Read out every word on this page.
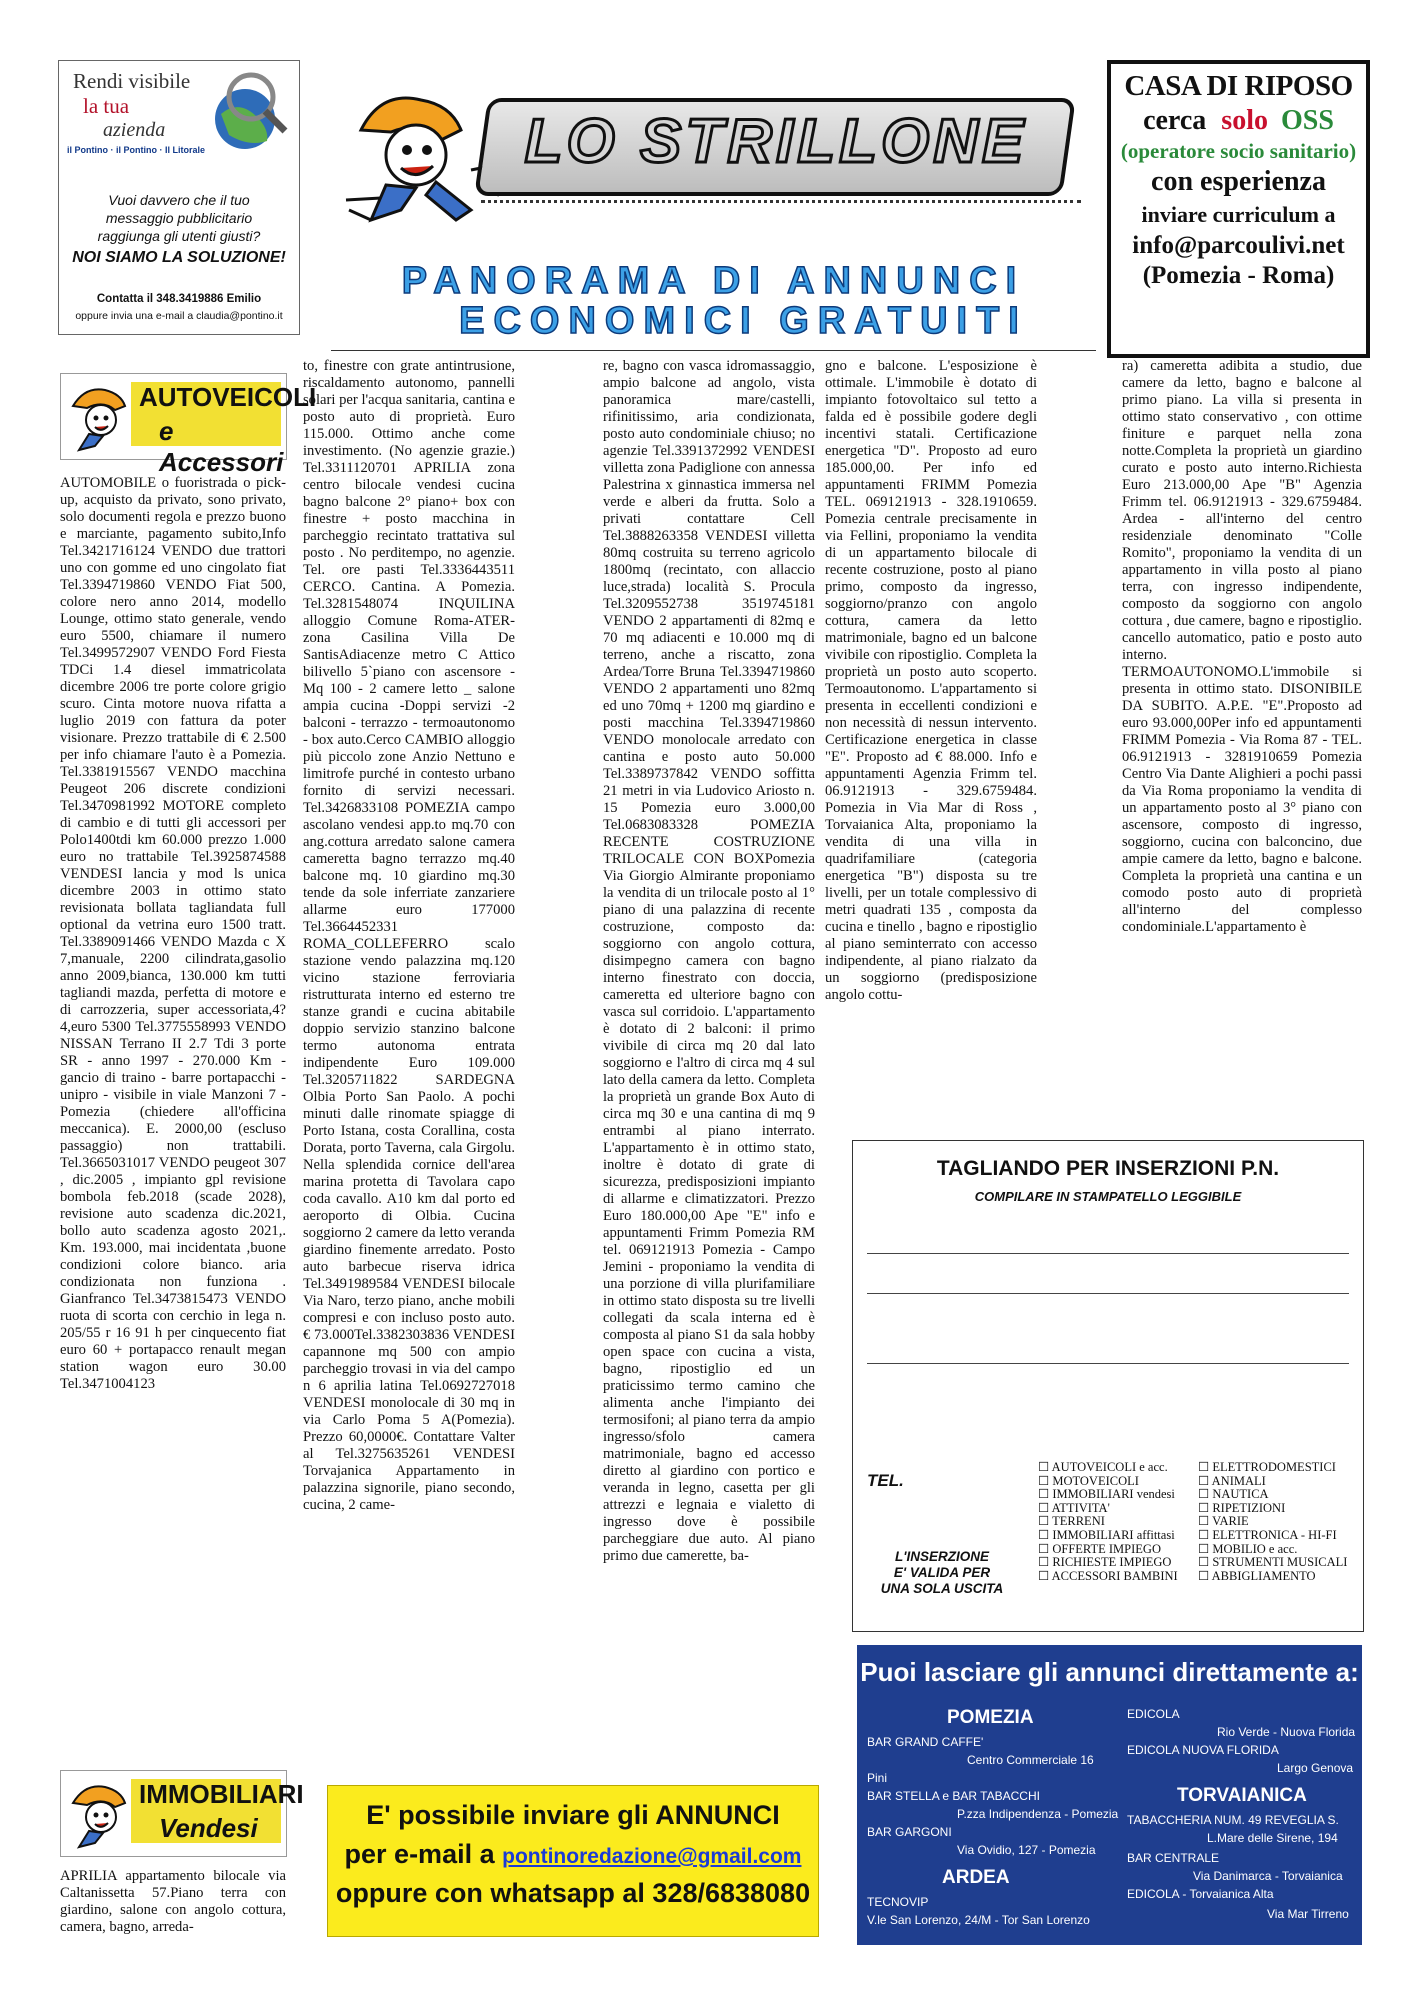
Rendi visibile
la tua
azienda
il Pontino · il Pontino · Il Litorale
Vuoi davvero che il tuo messaggio pubblicitario raggiunga gli utenti giusti?
NOI SIAMO LA SOLUZIONE!
Contatta il 348.3419886 Emilio
oppure invia una e-mail a claudia@pontino.it
LO STRILLONE
PANORAMA DI ANNUNCI
ECONOMICI GRATUITI
CASA DI RIPOSO
cerca solo OSS
(operatore socio sanitario)
con esperienza
inviare curriculum a
info@parcoulivi.net
(Pomezia - Roma)
AUTOVEICOLI
e Accessori

AUTOMOBILE o fuoristrada o pick-up, acquisto da privato, sono privato, solo documenti regola e prezzo buono e marciante, pagamento subito,Info Tel.3421716124 VENDO due trattori uno con gomme ed uno cingolato fiat Tel.3394719860 VENDO Fiat 500, colore nero anno 2014, modello Lounge, ottimo stato generale, vendo euro 5500, chiamare il numero Tel.3499572907 VENDO Ford Fiesta TDCi 1.4 diesel immatricolata dicembre 2006 tre porte colore grigio scuro. Cinta motore nuova rifatta a luglio 2019 con fattura da poter visionare. Prezzo trattabile di € 2.500 per info chiamare l'auto è a Pomezia. Tel.3381915567 VENDO macchina Peugeot 206 discrete condizioni Tel.3470981992 MOTORE completo di cambio e di tutti gli accessori per Polo1400tdi km 60.000 prezzo 1.000 euro no trattabile Tel.3925874588 VENDESI lancia y mod ls unica dicembre 2003 in ottimo stato revisionata bollata tagliandata full optional da vetrina euro 1500 tratt. Tel.3389091466 VENDO Mazda c X 7,manuale, 2200 cilindrata,gasolio anno 2009,bianca, 130.000 km tutti tagliandi mazda, perfetta di motore e di carrozzeria, super accessoriata,4?4,euro 5300 Tel.3775558993 VENDO NISSAN Terrano II 2.7 Tdi 3 porte SR - anno 1997 - 270.000 Km - gancio di traino - barre portapacchi - unipro - visibile in viale Manzoni 7 - Pomezia (chiedere all'officina meccanica). E. 2000,00 (escluso passaggio) non trattabili. Tel.3665031017 VENDO peugeot 307 , dic.2005 , impianto gpl revisione bombola feb.2018 (scade 2028), revisione auto scadenza dic.2021, bollo auto scadenza agosto 2021,. Km. 193.000, mai incidentata ,buone condizioni colore bianco. aria condizionata non funziona . Gianfranco Tel.3473815473 VENDO ruota di scorta con cerchio in lega n. 205/55 r 16 91 h per cinquecento fiat euro 60 + portapacco renault megan station wagon euro 30.00 Tel.3471004123

IMMOBILIARI
Vendesi

APRILIA appartamento bilocale via Caltanissetta 57.Piano terra con giardino, salone con angolo cottura, camera, bagno, arreda-

to, finestre con grate antintrusione, riscaldamento autonomo, pannelli solari per l'acqua sanitaria, cantina e posto auto di proprietà. Euro 115.000. Ottimo anche come investimento. (No agenzie grazie.) Tel.3311120701 APRILIA zona centro bilocale vendesi cucina bagno balcone 2° piano+ box con finestre + posto macchina in parcheggio recintato trattativa sul posto . No perditempo, no agenzie. Tel. ore pasti Tel.3336443511 CERCO. Cantina. A Pomezia. Tel.3281548074 INQUILINA alloggio Comune Roma-ATER- zona Casilina Villa De SantisAdiacenze metro C Attico bilivello 5`piano con ascensore - Mq 100 - 2 camere letto _ salone ampia cucina -Doppi servizi -2 balconi - terrazzo - termoautonomo - box auto.Cerco CAMBIO alloggio più piccolo zone Anzio Nettuno e limitrofe purché in contesto urbano fornito di servizi necessari. Tel.3426833108 POMEZIA campo ascolano vendesi app.to mq.70 con ang.cottura arredato salone camera cameretta bagno terrazzo mq.40 balcone mq. 10 giardino mq.30 tende da sole inferriate zanzariere allarme euro 177000 Tel.3664452331 ROMA_COLLEFERRO scalo stazione vendo palazzina mq.120 vicino stazione ferroviaria ristrutturata interno ed esterno tre stanze grandi e cucina abitabile doppio servizio stanzino balcone termo autonoma entrata indipendente Euro 109.000 Tel.3205711822 SARDEGNA Olbia Porto San Paolo. A pochi minuti dalle rinomate spiagge di Porto Istana, costa Corallina, costa Dorata, porto Taverna, cala Girgolu. Nella splendida cornice dell'area marina protetta di Tavolara capo coda cavallo. A10 km dal porto ed aeroporto di Olbia. Cucina soggiorno 2 camere da letto veranda giardino finemente arredato. Posto auto barbecue riserva idrica Tel.3491989584 VENDESI bilocale Via Naro, terzo piano, anche mobili compresi e con incluso posto auto. € 73.000Tel.3382303836 VENDESI capannone mq 500 con ampio parcheggio trovasi in via del campo n 6 aprilia latina Tel.0692727018 VENDESI monolocale di 30 mq in via Carlo Poma 5 A(Pomezia). Prezzo 60,0000€. Contattare Valter al Tel.3275635261 VENDESI Torvajanica Appartamento in palazzina signorile, piano secondo, cucina, 2 came-

re, bagno con vasca idromassaggio, ampio balcone ad angolo, vista panoramica mare/castelli, rifinitissimo, aria condizionata, posto auto condominiale chiuso; no agenzie Tel.3391372992 VENDESI villetta zona Padiglione con annessa Palestrina x ginnastica immersa nel verde e alberi da frutta. Solo a privati contattare Cell Tel.3888263358 VENDESI villetta 80mq costruita su terreno agricolo 1800mq (recintato, con allaccio luce,strada) località S. Procula Tel.3209552738 3519745181 VENDO 2 appartamenti di 82mq e 70 mq adiacenti e 10.000 mq di terreno, anche a riscatto, zona Ardea/Torre Bruna Tel.3394719860 VENDO 2 appartamenti uno 82mq ed uno 70mq + 1200 mq giardino e posti macchina Tel.3394719860 VENDO monolocale arredato con cantina e posto auto 50.000 Tel.3389737842 VENDO soffitta 21 metri in via Ludovico Ariosto n. 15 Pomezia euro 3.000,00 Tel.0683083328 POMEZIA RECENTE COSTRUZIONE TRILOCALE CON BOXPomezia Via Giorgio Almirante proponiamo la vendita di un trilocale posto al 1° piano di una palazzina di recente costruzione, composto da: soggiorno con angolo cottura, disimpegno camera con bagno interno finestrato con doccia, cameretta ed ulteriore bagno con vasca sul corridoio. L'appartamento è dotato di 2 balconi: il primo vivibile di circa mq 20 dal lato soggiorno e l'altro di circa mq 4 sul lato della camera da letto. Completa la proprietà un grande Box Auto di circa mq 30 e una cantina di mq 9 entrambi al piano interrato. L'appartamento è in ottimo stato, inoltre è dotato di grate di sicurezza, predisposizioni impianto di allarme e climatizzatori. Prezzo Euro 180.000,00 Ape "E" info e appuntamenti Frimm Pomezia RM tel. 069121913 Pomezia - Campo Jemini - proponiamo la vendita di una porzione di villa plurifamiliare in ottimo stato disposta su tre livelli collegati da scala interna ed è composta al piano S1 da sala hobby open space con cucina a vista, bagno, ripostiglio ed un praticissimo termo camino che alimenta anche l'impianto dei termosifoni; al piano terra da ampio ingresso/sfolo camera matrimoniale, bagno ed accesso diretto al giardino con portico e veranda in legno, casetta per gli attrezzi e legnaia e vialetto di ingresso dove è possibile parcheggiare due auto. Al piano primo due camerette, ba-

gno e balcone. L'esposizione è ottimale. L'immobile è dotato di impianto fotovoltaico sul tetto a falda ed è possibile godere degli incentivi statali. Certificazione energetica "D". Proposto ad euro 185.000,00. Per info ed appuntamenti FRIMM Pomezia TEL. 069121913 - 328.1910659. Pomezia centrale precisamente in via Fellini, proponiamo la vendita di un appartamento bilocale di recente costruzione, posto al piano primo, composto da ingresso, soggiorno/pranzo con angolo cottura, camera da letto matrimoniale, bagno ed un balcone vivibile con ripostiglio. Completa la proprietà un posto auto scoperto. Termoautonomo. L'appartamento si presenta in eccellenti condizioni e non necessità di nessun intervento. Certificazione energetica in classe "E". Proposto ad € 88.000. Info e appuntamenti Agenzia Frimm tel. 06.9121913 - 329.6759484. Pomezia in Via Mar di Ross , Torvaianica Alta, proponiamo la vendita di una villa in quadrifamiliare (categoria energetica "B") disposta su tre livelli, per un totale complessivo di metri quadrati 135 , composta da cucina e tinello , bagno e ripostiglio al piano seminterrato con accesso indipendente, al piano rialzato da un soggiorno (predisposizione angolo cottu-

ra) cameretta adibita a studio, due camere da letto, bagno e balcone al primo piano. La villa si presenta in ottimo stato conservativo , con ottime finiture e parquet nella zona notte.Completa la proprietà un giardino curato e posto auto interno.Richiesta Euro 213.000,00 Ape "B" Agenzia Frimm tel. 06.9121913 - 329.6759484. Ardea - all'interno del centro residenziale denominato "Colle Romito", proponiamo la vendita di un appartamento in villa posto al piano terra, con ingresso indipendente, composto da soggiorno con angolo cottura , due camere, bagno e ripostiglio. cancello automatico, patio e posto auto interno. TERMOAUTONOMO.L'immobile si presenta in ottimo stato. DISONIBILE DA SUBITO. A.P.E. "E".Proposto ad euro 93.000,00Per info ed appuntamenti FRIMM Pomezia - Via Roma 87 - TEL. 06.9121913 - 3281910659 Pomezia Centro Via Dante Alighieri a pochi passi da Via Roma proponiamo la vendita di un appartamento posto al 3° piano con ascensore, composto di ingresso, soggiorno, cucina con balconcino, due ampie camere da letto, bagno e balcone. Completa la proprietà una cantina e un comodo posto auto di proprietà all'interno del complesso condominiale.L'appartamento è

TAGLIANDO PER INSERZIONI P.N.
COMPILARE IN STAMPATELLO LEGGIBILE
TEL.
L'INSERZIONE
E' VALIDA PER
UNA SOLA USCITA
☐ AUTOVEICOLI e acc.
☐ MOTOVEICOLI
☐ IMMOBILIARI vendesi
☐ ATTIVITA'
☐ TERRENI
☐ IMMOBILIARI affittasi
☐ OFFERTE IMPIEGO
☐ RICHIESTE IMPIEGO
☐ ACCESSORI BAMBINI
☐ ELETTRODOMESTICI
☐ ANIMALI
☐ NAUTICA
☐ RIPETIZIONI
☐ VARIE
☐ ELETTRONICA - HI-FI
☐ MOBILIO e acc.
☐ STRUMENTI MUSICALI
☐ ABBIGLIAMENTO
E' possibile inviare gli ANNUNCI
per e-mail a pontinoredazione@gmail.com
oppure con whatsapp al 328/6838080
Puoi lasciare gli annunci direttamente a:
POMEZIA
BAR GRAND CAFFE'
Centro Commerciale 16
Pini
BAR STELLA e BAR TABACCHI
P.zza Indipendenza - Pomezia
BAR GARGONI
Via Ovidio, 127 - Pomezia
ARDEA
TECNOVIP
V.le San Lorenzo, 24/M - Tor San Lorenzo
EDICOLA
Rio Verde - Nuova Florida
EDICOLA NUOVA FLORIDA
Largo Genova
TORVAIANICA
TABACCHERIA NUM. 49 REVEGLIA S.
L.Mare delle Sirene, 194
BAR CENTRALE
Via Danimarca - Torvaianica
EDICOLA - Torvaianica Alta
Via Mar Tirreno
